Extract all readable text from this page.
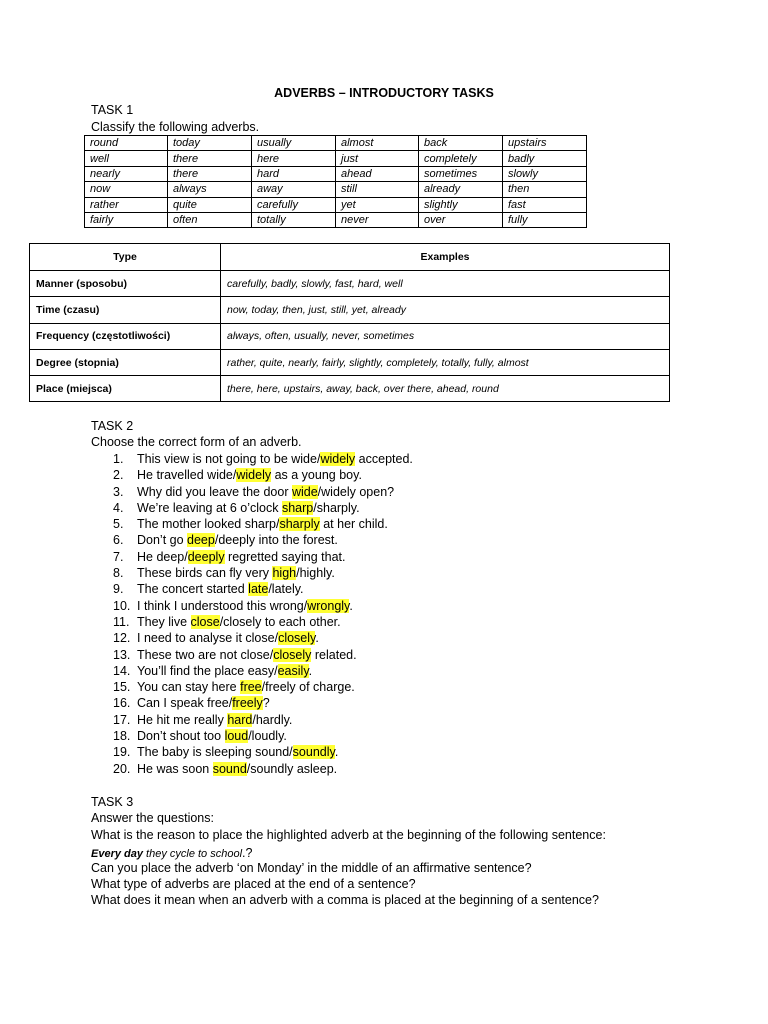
ADVERBS – INTRODUCTORY TASKS
TASK 1
Classify the following adverbs.
round	today	usually	almost	back	upstairs
well	there	here	just	completely	badly
nearly	there	hard	ahead	sometimes	slowly
now	always	away	still	already	then
rather	quite	carefully	yet	slightly	fast
fairly	often	totally	never	over	fully
Type	Examples
Manner (sposobu)	carefully, badly, slowly, fast, hard, well
Time (czasu)	now, today, then, just, still, yet, already
Frequency (częstotliwości)	always, often, usually, never, sometimes
Degree (stopnia)	rather, quite, nearly, fairly, slightly, completely, totally, fully, almost
Place (miejsca)	there, here, upstairs, away, back, over there, ahead, round
TASK 2
Choose the correct form of an adverb.
1. This view is not going to be wide/widely accepted.
2. He travelled wide/widely as a young boy.
3. Why did you leave the door wide/widely open?
4. We’re leaving at 6 o’clock sharp/sharply.
5. The mother looked sharp/sharply at her child.
6. Don’t go deep/deeply into the forest.
7. He deep/deeply regretted saying that.
8. These birds can fly very high/highly.
9. The concert started late/lately.
10. I think I understood this wrong/wrongly.
11. They live close/closely to each other.
12. I need to analyse it close/closely.
13. These two are not close/closely related.
14. You’ll find the place easy/easily.
15. You can stay here free/freely of charge.
16. Can I speak free/freely?
17. He hit me really hard/hardly.
18. Don’t shout too loud/loudly.
19. The baby is sleeping sound/soundly.
20. He was soon sound/soundly asleep.
TASK 3
Answer the questions:
What is the reason to place the highlighted adverb at the beginning of the following sentence:
Every day they cycle to school.?
Can you place the adverb ‘on Monday’ in the middle of an affirmative sentence?
What type of adverbs are placed at the end of a sentence?
What does it mean when an adverb with a comma is placed at the beginning of a sentence?
